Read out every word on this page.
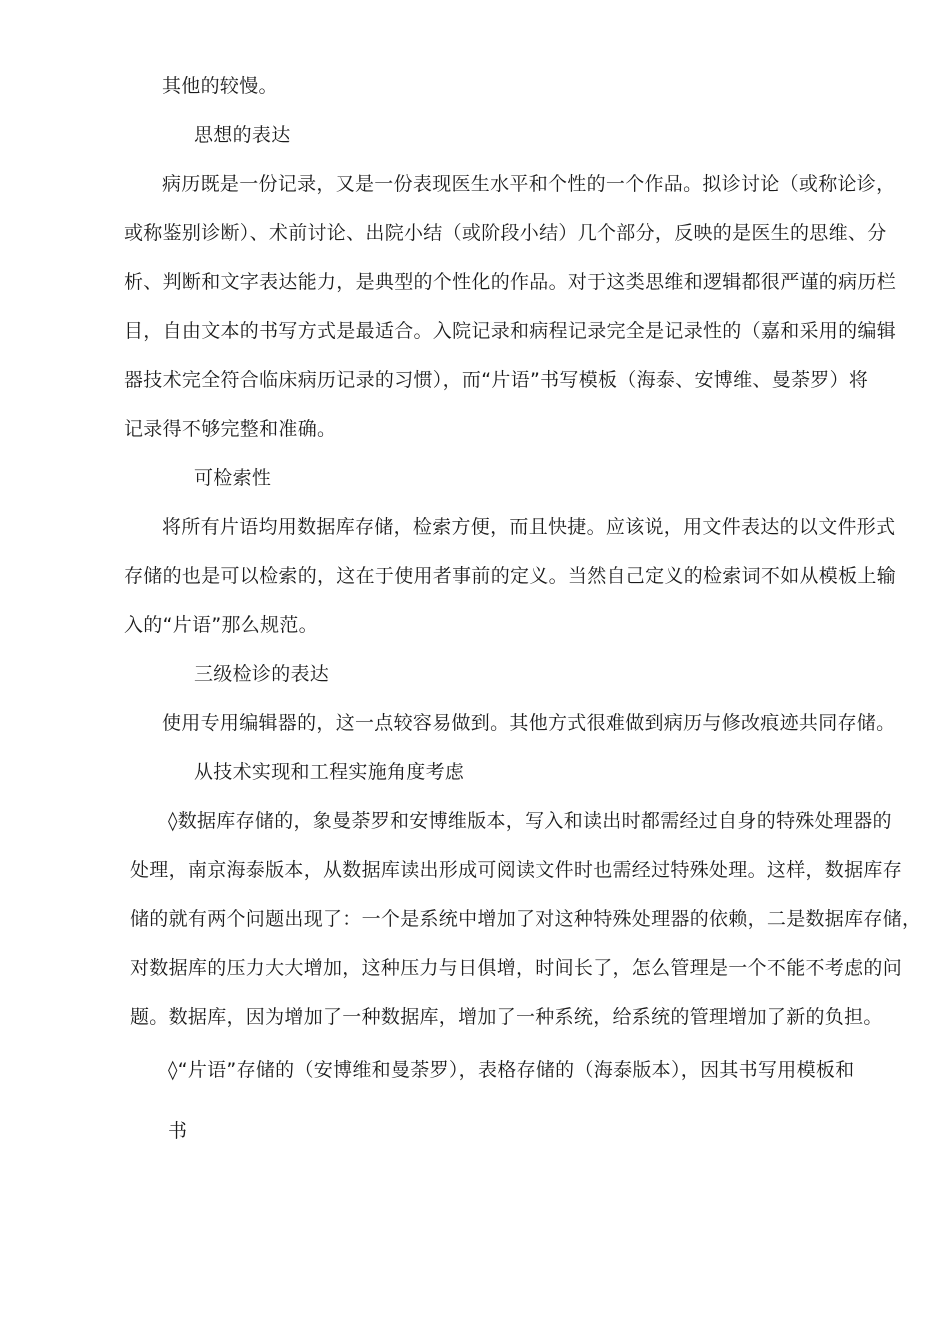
其他的较慢。
思想的表达
病历既是一份记录，又是一份表现医生水平和个性的一个作品。拟诊讨论（或称论诊，
或称鉴别诊断）、术前讨论、出院小结（或阶段小结）几个部分，反映的是医生的思维、分
析、判断和文字表达能力，是典型的个性化的作品。对于这类思维和逻辑都很严谨的病历栏
目，自由文本的书写方式是最适合。入院记录和病程记录完全是记录性的（嘉和采用的编辑
器技术完全符合临床病历记录的习惯），而“片语”书写模板（海泰、安博维、曼荼罗）将
记录得不够完整和准确。
可检索性
将所有片语均用数据库存储，检索方便，而且快捷。应该说，用文件表达的以文件形式
存储的也是可以检索的，这在于使用者事前的定义。当然自己定义的检索词不如从模板上输
入的“片语”那么规范。
三级检诊的表达
使用专用编辑器的，这一点较容易做到。其他方式很难做到病历与修改痕迹共同存储。
从技术实现和工程实施角度考虑
◊数据库存储的，象曼荼罗和安博维版本，写入和读出时都需经过自身的特殊处理器的
处理，南京海泰版本，从数据库读出形成可阅读文件时也需经过特殊处理。这样，数据库存
储的就有两个问题出现了：一个是系统中增加了对这种特殊处理器的依赖，二是数据库存储，
对数据库的压力大大增加，这种压力与日俱增，时间长了，怎么管理是一个不能不考虑的问
题。数据库，因为增加了一种数据库，增加了一种系统，给系统的管理增加了新的负担。
◊“片语”存储的（安博维和曼荼罗），表格存储的（海泰版本），因其书写用模板和
书
